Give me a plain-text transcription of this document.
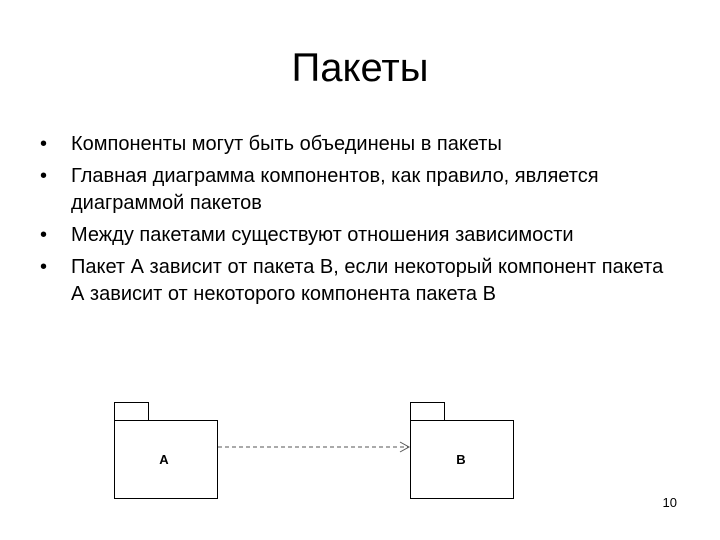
Пакеты
•	Компоненты могут быть объединены в пакеты
•	Главная диаграмма компонентов, как правило, является диаграммой пакетов
•	Между пакетами существуют отношения зависимости
•	Пакет А зависит от пакета В, если некоторый компонент пакета А зависит от некоторого компонента пакета В
A	B
10
